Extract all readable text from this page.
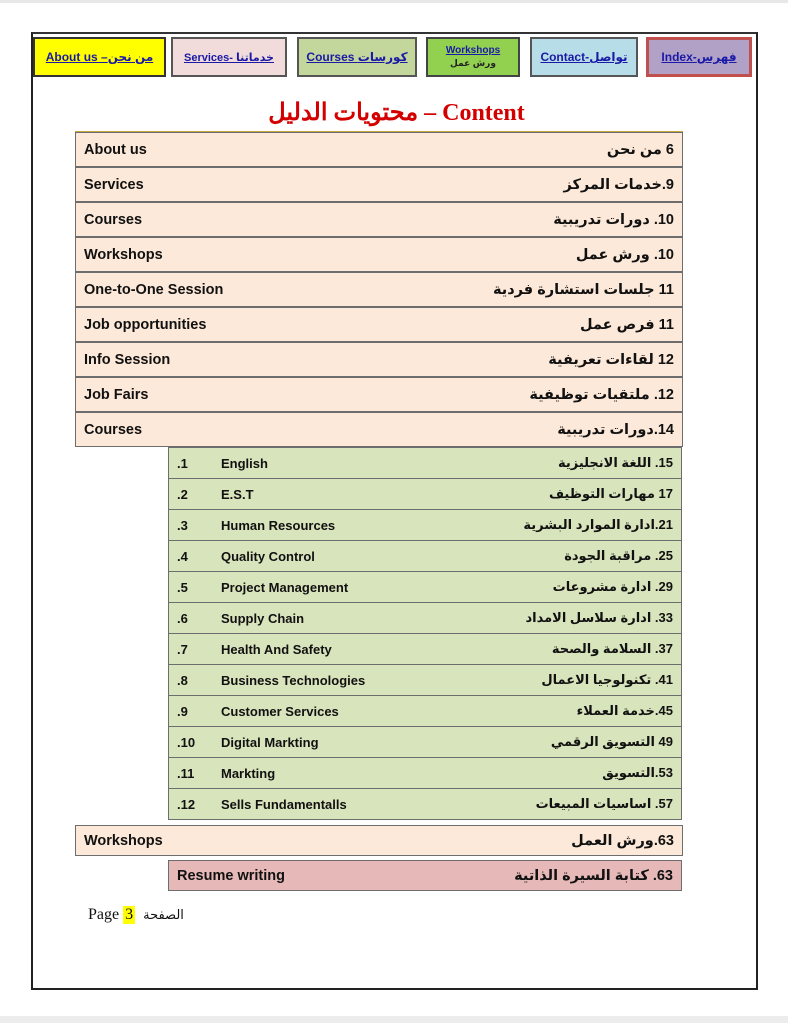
About us –من نحن	Services- خدماتنا	Courses كورسات	Workshops
ورش عمل	Contact-تواصل	Index-فهرس
محتويات الدليل – Content
About us	6 من نحن
Services	9.خدمات المركز
Courses	10. دورات تدريبية
Workshops	10. ورش عمل
One-to-One Session	11 جلسات استشارة فردية
Job opportunities	11 فرص عمل
Info Session	12 لقاءات تعريفية
Job Fairs	12. ملتقيات توظيفية
Courses	14.دورات تدريبية
.1	English	15. اللغة الانجليزية
.2	E.S.T	17 مهارات التوظيف
.3	Human Resources	21.ادارة الموارد البشرية
.4	Quality Control	25. مراقبة الجودة
.5	Project Management	29. ادارة مشروعات
.6	Supply Chain	33. ادارة سلاسل الامداد
.7	Health And Safety	37. السلامة والصحة
.8	Business Technologies	41. تكنولوجيا الاعمال
.9	Customer Services	45.خدمة العملاء
.10	Digital Markting	49 التسويق الرقمي
.11	Markting	53.التسويق
.12	Sells Fundamentalls	57. اساسيات المبيعات
Workshops	63.ورش العمل
Resume writing	63. كتابة السيرة الذاتية
Page 3 الصفحة
